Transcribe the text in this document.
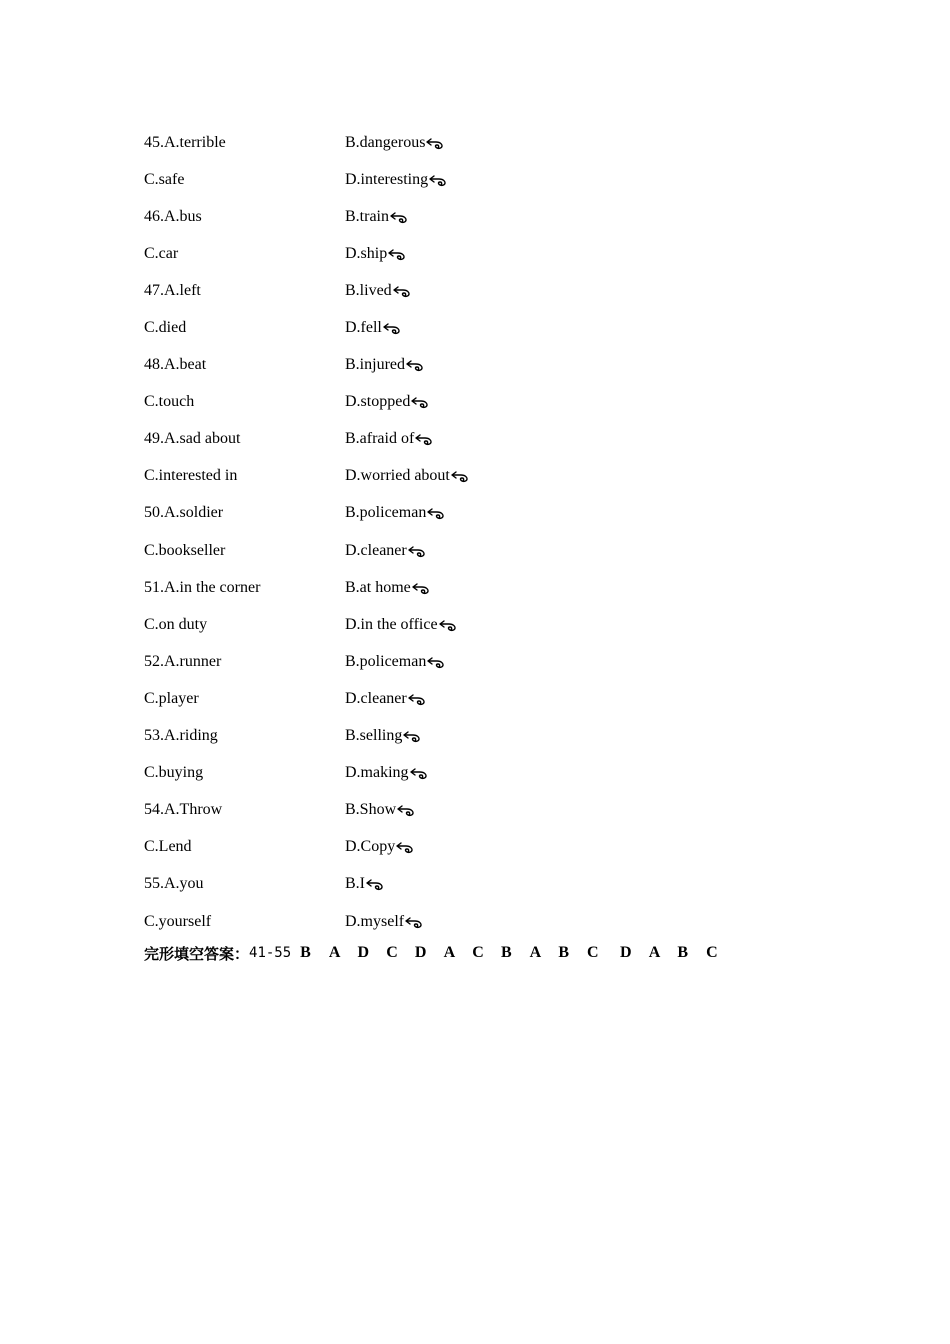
45.A.terrible	B.dangerous
C.safe	D.interesting
46.A.bus	B.train
C.car	D.ship
47.A.left	B.lived
C.died	D.fell
48.A.beat	B.injured
C.touch	D.stopped
49.A.sad about	B.afraid of
C.interested in	D.worried about
50.A.soldier	B.policeman
C.bookseller	D.cleaner
51.A.in the corner	B.at home
C.on duty	D.in the office
52.A.runner	B.policeman
C.player	D.cleaner
53.A.riding	B.selling
C.buying	D.making
54.A.Throw	B.Show
C.Lend	D.Copy
55.A.you	B.I
C.yourself	D.myself
完形填空答案： 41-55 B A D C D A C B A B C D A B C
